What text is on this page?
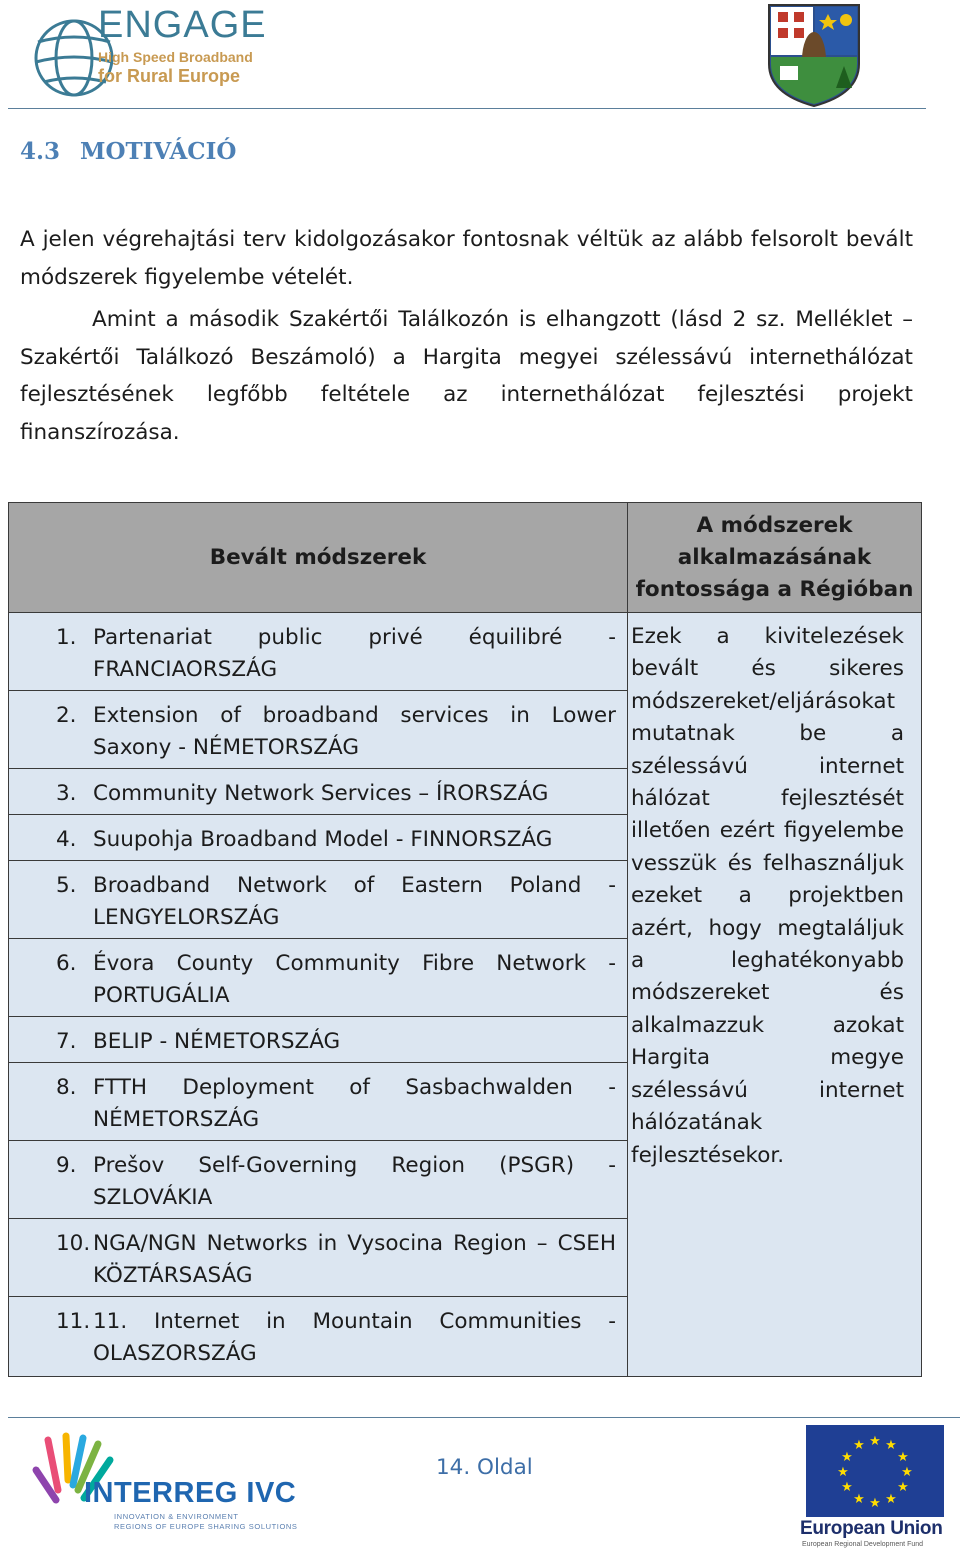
ENGAGE
High Speed Broadband
for Rural Europe
4.3 MOTIVÁCIÓ
A jelen végrehajtási terv kidolgozásakor fontosnak véltük az alább felsorolt bevált módszerek figyelembe vételét.
Amint a második Szakértői Találkozón is elhangzott (lásd 2 sz. Melléklet – Szakértői Találkozó Beszámoló) a Hargita megyei szélessávú internethálózat fejlesztésének legfőbb feltétele az internethálózat fejlesztési projekt finanszírozása.
Bevált módszerek
A módszerek alkalmazásának fontossága a Régióban
1. Partenariat public privé équilibré - FRANCIAORSZÁG
2. Extension of broadband services in Lower Saxony - NÉMETORSZÁG
3. Community Network Services – ÍRORSZÁG
4. Suupohja Broadband Model - FINNORSZÁG
5. Broadband Network of Eastern Poland - LENGYELORSZÁG
6. Évora County Community Fibre Network - PORTUGÁLIA
7. BELIP - NÉMETORSZÁG
8. FTTH Deployment of Sasbachwalden - NÉMETORSZÁG
9. Prešov Self-Governing Region (PSGR) - SZLOVÁKIA
10. NGA/NGN Networks in Vysocina Region – CSEH KÖZTÁRSASÁG
11. 11. Internet in Mountain Communities - OLASZORSZÁG
Ezek a kivitelezések bevált és sikeres módszereket/eljárásokat mutatnak be a szélessávú internet hálózat fejlesztését illetően ezért figyelembe vesszük és felhasználjuk ezeket a projektben azért, hogy megtaláljuk a leghatékonyabb módszereket és alkalmazzuk azokat Hargita megye szélessávú internet hálózatának fejlesztésekor.
INTERREG IVC
INNOVATION & ENVIRONMENT
REGIONS OF EUROPE SHARING SOLUTIONS
14. Oldal
★ ★
★
★
★
★
★
★
★
★
★
★
European Union
European Regional Development Fund
